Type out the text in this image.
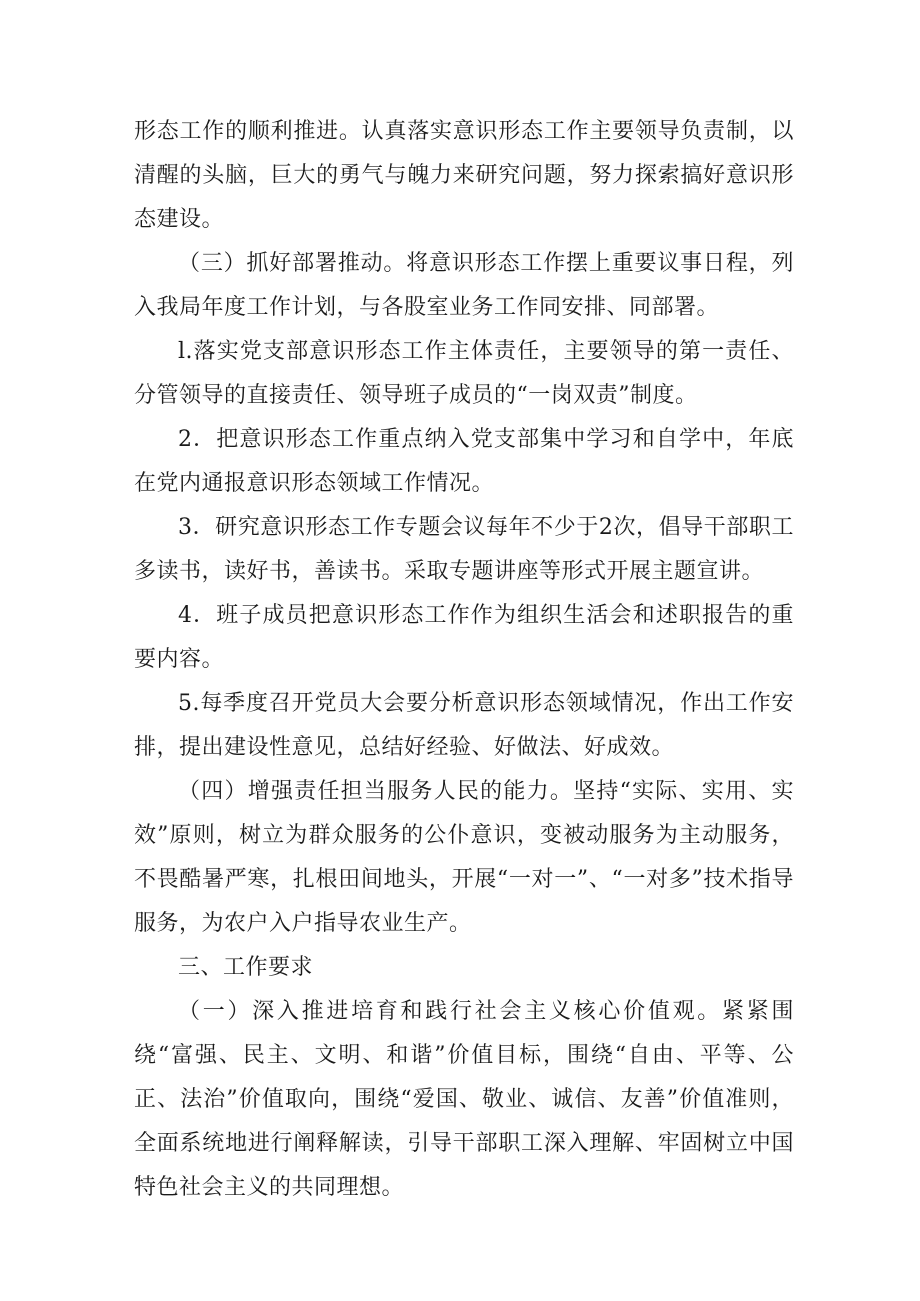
形态工作的顺利推进。认真落实意识形态工作主要领导负责制，以清醒的头脑，巨大的勇气与魄力来研究问题，努力探索搞好意识形态建设。

（三）抓好部署推动。将意识形态工作摆上重要议事日程，列入我局年度工作计划，与各股室业务工作同安排、同部署。

l.落实党支部意识形态工作主体责任，主要领导的第一责任、分管领导的直接责任、领导班子成员的“一岗双责”制度。

2．把意识形态工作重点纳入党支部集中学习和自学中，年底在党内通报意识形态领域工作情况。

3．研究意识形态工作专题会议每年不少于2次，倡导干部职工多读书，读好书，善读书。采取专题讲座等形式开展主题宣讲。

4．班子成员把意识形态工作作为组织生活会和述职报告的重要内容。

5.每季度召开党员大会要分析意识形态领域情况，作出工作安排，提出建设性意见，总结好经验、好做法、好成效。

（四）增强责任担当服务人民的能力。坚持“实际、实用、实效”原则，树立为群众服务的公仆意识，变被动服务为主动服务，不畏酷暑严寒，扎根田间地头，开展“一对一”、“一对多”技术指导服务，为农户入户指导农业生产。

三、工作要求

（一）深入推进培育和践行社会主义核心价值观。紧紧围绕“富强、民主、文明、和谐”价值目标，围绕“自由、平等、公正、法治”价值取向，围绕“爱国、敬业、诚信、友善”价值准则，全面系统地进行阐释解读，引导干部职工深入理解、牢固树立中国特色社会主义的共同理想。
